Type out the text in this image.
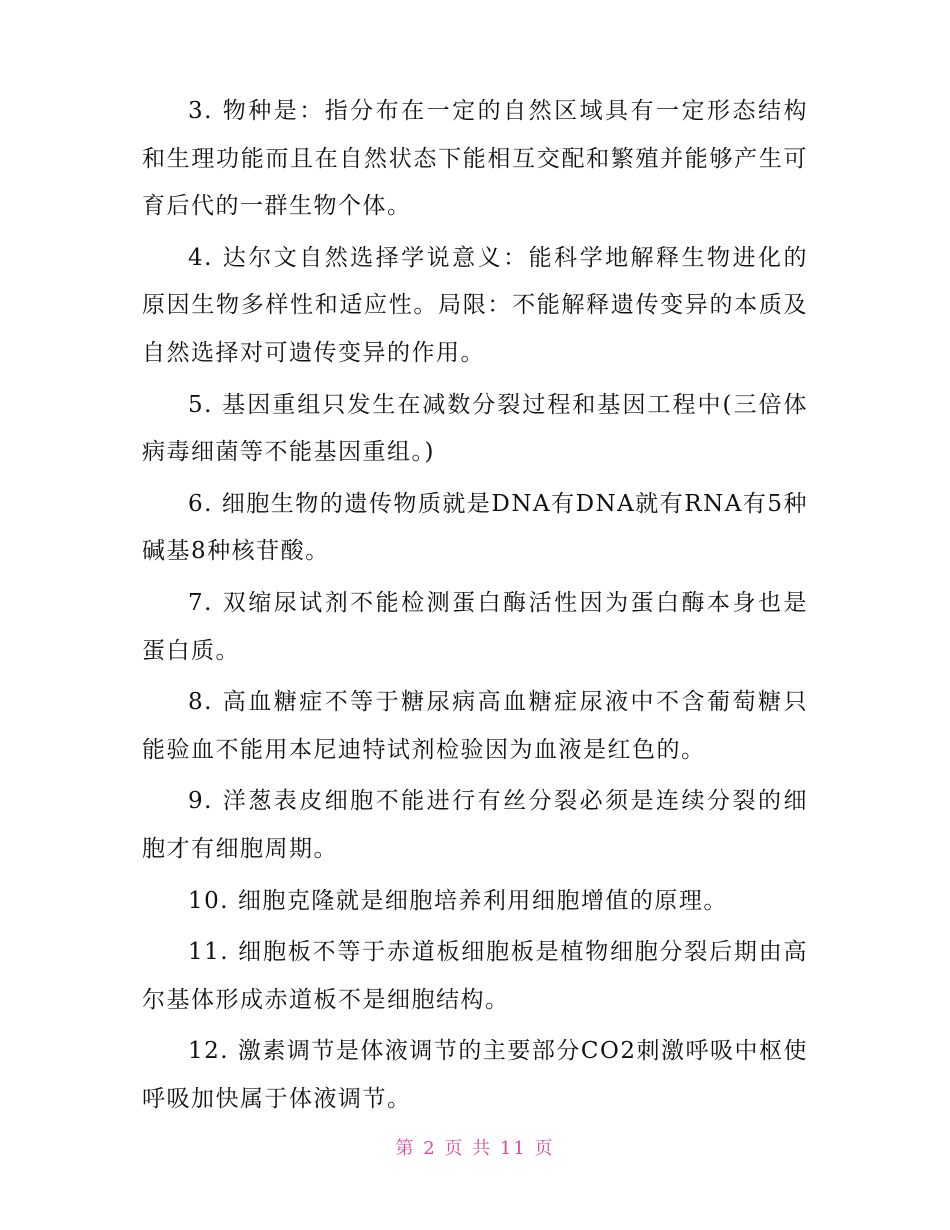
3. 物种是：指分布在一定的自然区域具有一定形态结构和生理功能而且在自然状态下能相互交配和繁殖并能够产生可育后代的一群生物个体。

4. 达尔文自然选择学说意义：能科学地解释生物进化的原因生物多样性和适应性。局限：不能解释遗传变异的本质及自然选择对可遗传变异的作用。

5. 基因重组只发生在减数分裂过程和基因工程中(三倍体病毒细菌等不能基因重组。)

6. 细胞生物的遗传物质就是DNA有DNA就有RNA有5种碱基8种核苷酸。

7. 双缩尿试剂不能检测蛋白酶活性因为蛋白酶本身也是蛋白质。

8. 高血糖症不等于糖尿病高血糖症尿液中不含葡萄糖只能验血不能用本尼迪特试剂检验因为血液是红色的。

9. 洋葱表皮细胞不能进行有丝分裂必须是连续分裂的细胞才有细胞周期。

10. 细胞克隆就是细胞培养利用细胞增值的原理。

11. 细胞板不等于赤道板细胞板是植物细胞分裂后期由高尔基体形成赤道板不是细胞结构。

12. 激素调节是体液调节的主要部分CO2刺激呼吸中枢使呼吸加快属于体液调节。

第 2 页 共 11 页
